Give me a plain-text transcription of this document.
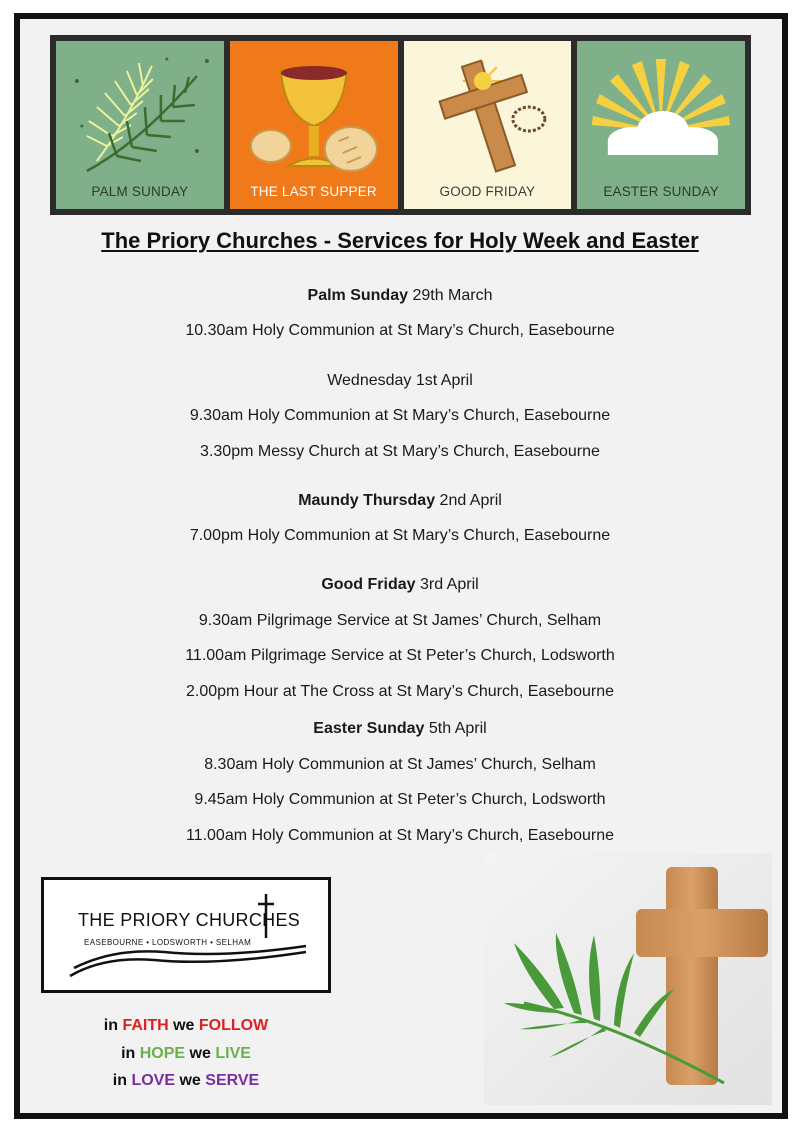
PALM SUNDAY	THE LAST SUPPER	GOOD FRIDAY	EASTER SUNDAY
The Priory Churches - Services for Holy Week and Easter
Palm Sunday 29th March
10.30am Holy Communion at St Mary’s Church, Easebourne
Wednesday 1st April
9.30am Holy Communion at St Mary’s Church, Easebourne
3.30pm Messy Church at St Mary’s Church, Easebourne
Maundy Thursday 2nd April
7.00pm Holy Communion at St Mary’s Church, Easebourne
Good Friday 3rd April
9.30am Pilgrimage Service at St James’ Church, Selham
11.00am Pilgrimage Service at St Peter’s Church, Lodsworth
2.00pm Hour at The Cross at St Mary’s Church, Easebourne
Easter Sunday 5th April
8.30am Holy Communion at St James’ Church, Selham
9.45am Holy Communion at St Peter’s Church, Lodsworth
11.00am Holy Communion at St Mary’s Church, Easebourne
THE PRIORY CHURCHES
EASEBOURNE • LODSWORTH • SELHAM
in FAITH we FOLLOW
in HOPE we LIVE
in LOVE we SERVE
